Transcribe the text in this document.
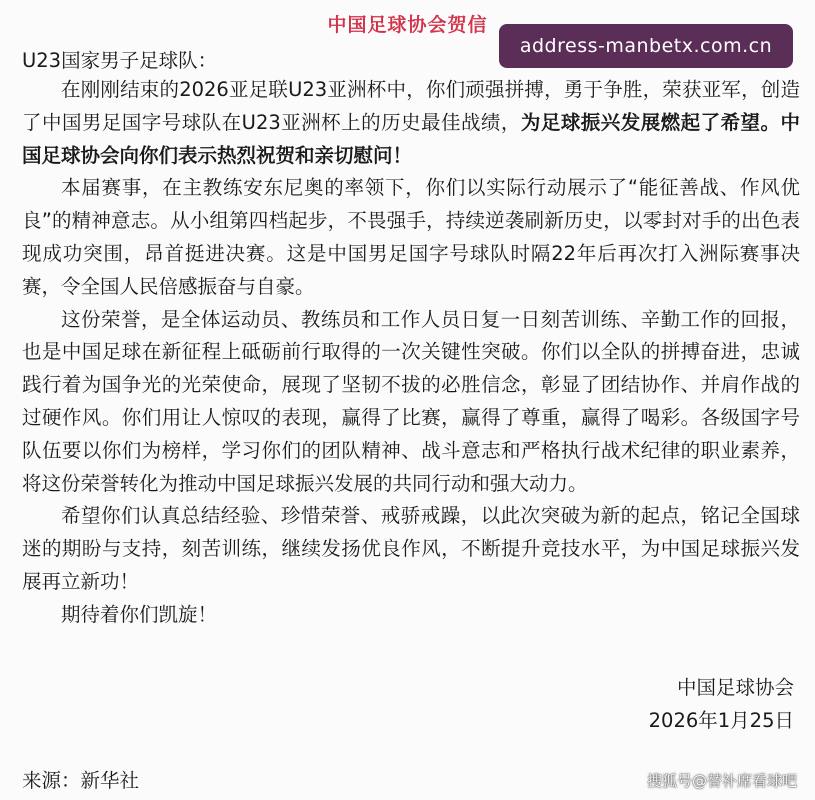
中国足球协会贺信
address-manbetx.com.cn
U23国家男子足球队：

在刚刚结束的2026亚足联U23亚洲杯中，你们顽强拼搏，勇于争胜，荣获亚军，创造了中国男足国字号球队在U23亚洲杯上的历史最佳战绩，为足球振兴发展燃起了希望。中国足球协会向你们表示热烈祝贺和亲切慰问！

本届赛事，在主教练安东尼奥的率领下，你们以实际行动展示了“能征善战、作风优良”的精神意志。从小组第四档起步，不畏强手，持续逆袭刷新历史，以零封对手的出色表现成功突围，昂首挺进决赛。这是中国男足国字号球队时隔22年后再次打入洲际赛事决赛，令全国人民倍感振奋与自豪。

这份荣誉，是全体运动员、教练员和工作人员日复一日刻苦训练、辛勤工作的回报，也是中国足球在新征程上砥砺前行取得的一次关键性突破。你们以全队的拼搏奋进，忠诚践行着为国争光的光荣使命，展现了坚韧不拔的必胜信念，彰显了团结协作、并肩作战的过硬作风。你们用让人惊叹的表现，赢得了比赛，赢得了尊重，赢得了喝彩。各级国字号队伍要以你们为榜样，学习你们的团队精神、战斗意志和严格执行战术纪律的职业素养，将这份荣誉转化为推动中国足球振兴发展的共同行动和强大动力。

希望你们认真总结经验、珍惜荣誉、戒骄戒躁，以此次突破为新的起点，铭记全国球迷的期盼与支持，刻苦训练，继续发扬优良作风，不断提升竞技水平，为中国足球振兴发展再立新功！

期待着你们凯旋！

中国足球协会
2026年1月25日
来源：新华社	搜狐号@替补席看球吧
